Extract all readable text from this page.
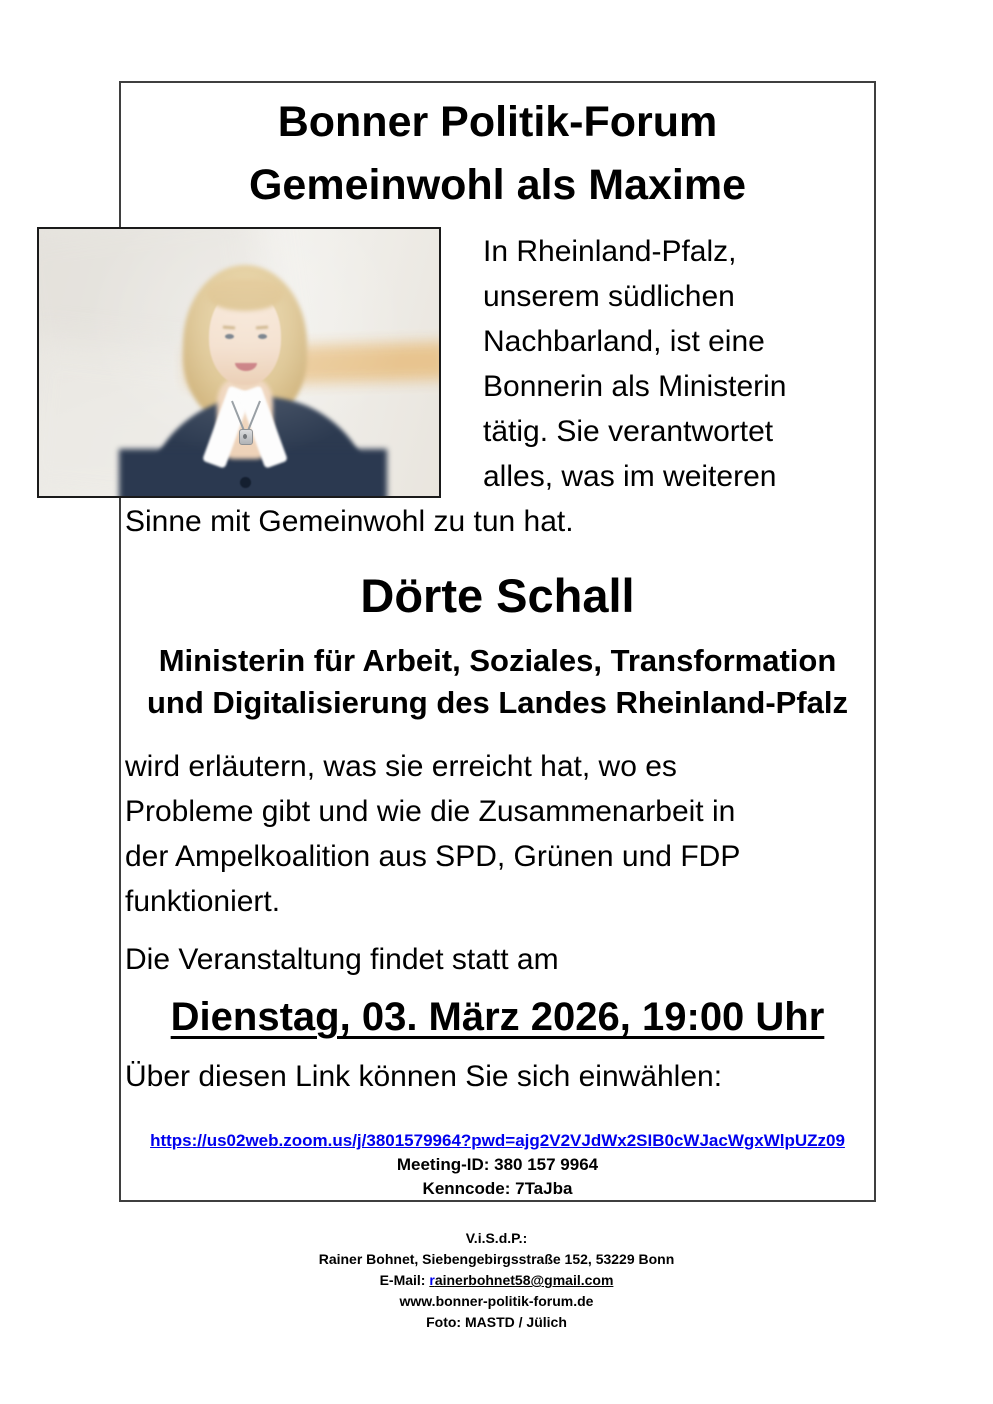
Bonner Politik-Forum
Gemeinwohl als Maxime

In Rheinland-Pfalz, unserem südlichen Nachbarland, ist eine Bonnerin als Ministerin tätig. Sie verantwortet alles, was im weiteren Sinne mit Gemeinwohl zu tun hat.

Dörte Schall
Ministerin für Arbeit, Soziales, Transformation
und Digitalisierung des Landes Rheinland-Pfalz

wird erläutern, was sie erreicht hat, wo es Probleme gibt und wie die Zusammenarbeit in der Ampelkoalition aus SPD, Grünen und FDP funktioniert.

Die Veranstaltung findet statt am

Dienstag, 03. März 2026, 19:00 Uhr

Über diesen Link können Sie sich einwählen:

https://us02web.zoom.us/j/3801579964?pwd=ajg2V2VJdWx2SIB0cWJacWgxWlpUZz09
Meeting-ID: 380 157 9964
Kenncode: 7TaJba
V.i.S.d.P.:
Rainer Bohnet, Siebengebirgsstraße 152, 53229 Bonn
E-Mail: rainerbohnet58@gmail.com
www.bonner-politik-forum.de
Foto: MASTD / Jülich
